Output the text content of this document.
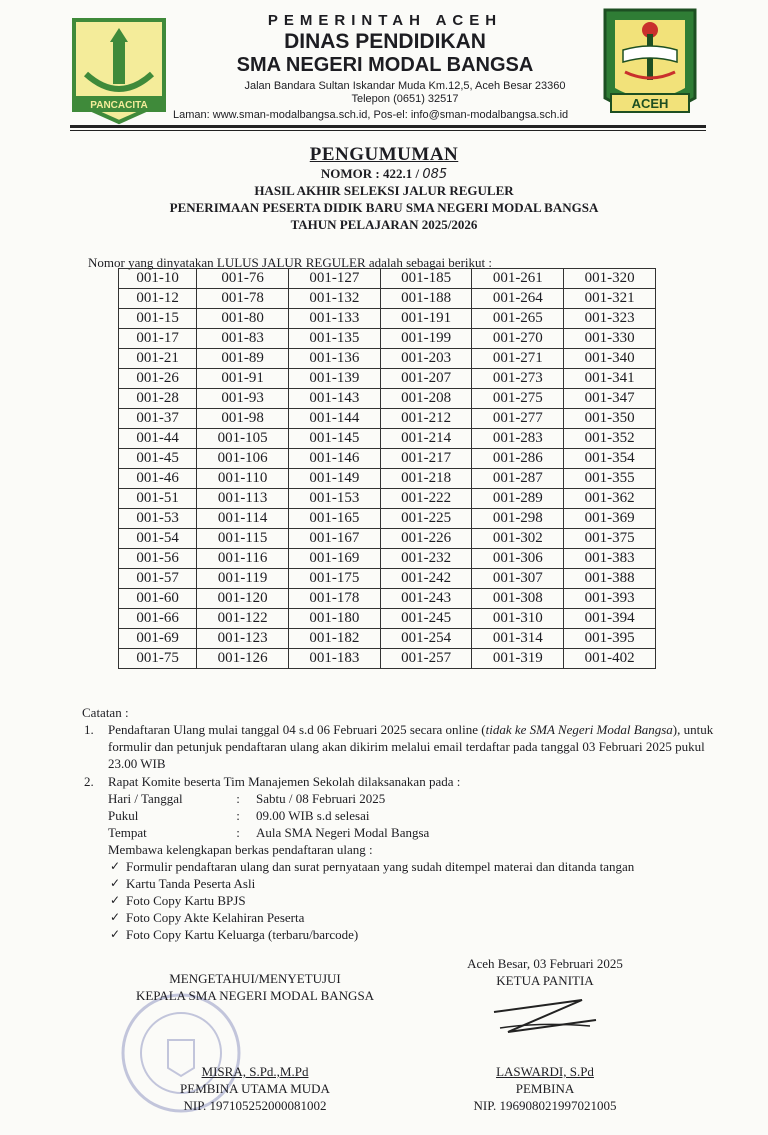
PANCACITA
PEMERINTAH ACEH
DINAS PENDIDIKAN
SMA NEGERI MODAL BANGSA
Jalan Bandara Sultan Iskandar Muda Km.12,5, Aceh Besar 23360
Telepon (0651) 32517
Laman: www.sman-modalbangsa.sch.id, Pos-el: info@sman-modalbangsa.sch.id
ACEH
PENGUMUMAN
NOMOR : 422.1 / 085
HASIL AKHIR SELEKSI JALUR REGULER
PENERIMAAN PESERTA DIDIK BARU SMA NEGERI MODAL BANGSA
TAHUN PELAJARAN 2025/2026
Nomor yang dinyatakan LULUS JALUR REGULER adalah sebagai berikut :
001-10	001-76	001-127	001-185	001-261	001-320
001-12	001-78	001-132	001-188	001-264	001-321
001-15	001-80	001-133	001-191	001-265	001-323
001-17	001-83	001-135	001-199	001-270	001-330
001-21	001-89	001-136	001-203	001-271	001-340
001-26	001-91	001-139	001-207	001-273	001-341
001-28	001-93	001-143	001-208	001-275	001-347
001-37	001-98	001-144	001-212	001-277	001-350
001-44	001-105	001-145	001-214	001-283	001-352
001-45	001-106	001-146	001-217	001-286	001-354
001-46	001-110	001-149	001-218	001-287	001-355
001-51	001-113	001-153	001-222	001-289	001-362
001-53	001-114	001-165	001-225	001-298	001-369
001-54	001-115	001-167	001-226	001-302	001-375
001-56	001-116	001-169	001-232	001-306	001-383
001-57	001-119	001-175	001-242	001-307	001-388
001-60	001-120	001-178	001-243	001-308	001-393
001-66	001-122	001-180	001-245	001-310	001-394
001-69	001-123	001-182	001-254	001-314	001-395
001-75	001-126	001-183	001-257	001-319	001-402
Catatan :
1. Pendaftaran Ulang mulai tanggal 04 s.d 06 Februari 2025 secara online (tidak ke SMA Negeri Modal Bangsa), untuk formulir dan petunjuk pendaftaran ulang akan dikirim melalui email terdaftar pada tanggal 03 Februari 2025 pukul 23.00 WIB
2. Rapat Komite beserta Tim Manajemen Sekolah dilaksanakan pada :
Hari / Tanggal	:	Sabtu / 08 Februari 2025
Pukul	:	09.00 WIB s.d selesai
Tempat	:	Aula SMA Negeri Modal Bangsa
Membawa kelengkapan berkas pendaftaran ulang :
✓ Formulir pendaftaran ulang dan surat pernyataan yang sudah ditempel materai dan ditanda tangan
✓ Kartu Tanda Peserta Asli
✓ Foto Copy Kartu BPJS
✓ Foto Copy Akte Kelahiran Peserta
✓ Foto Copy Kartu Keluarga (terbaru/barcode)
MENGETAHUI/MENYETUJUI
KEPALA SMA NEGERI MODAL BANGSA
MISRA, S.Pd.,M.Pd
PEMBINA UTAMA MUDA
NIP. 197105252000081002
Aceh Besar, 03 Februari 2025
KETUA PANITIA
LASWARDI, S.Pd
PEMBINA
NIP. 196908021997021005
